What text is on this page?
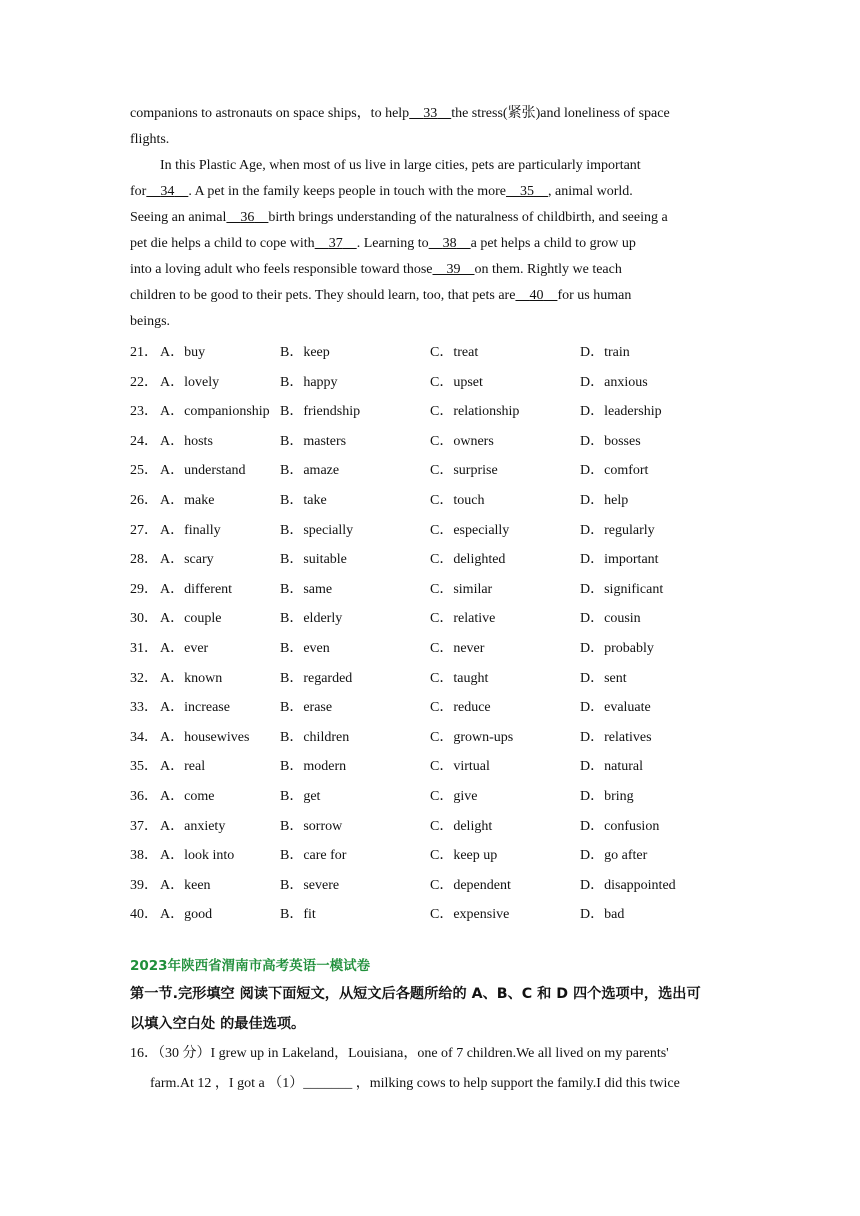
companions to astronauts on space ships，to help 33 the stress(紧张)and loneliness of space
flights.
In this Plastic Age, when most of us live in large cities, pets are particularly important
for 34 . A pet in the family keeps people in touch with the more 35 , animal world.
Seeing an animal 36 birth brings understanding of the naturalness of childbirth, and seeing a
pet die helps a child to cope with 37 . Learning to 38 a pet helps a child to grow up
into a loving adult who feels responsible toward those 39 on them. Rightly we teach
children to be good to their pets. They should learn, too, that pets are 40 for us human
beings.
21． A．buy	B．keep	C．treat	D．train
22． A．lovely	B．happy	C．upset	D．anxious
23． A．companionship B．friendship	C．relationship	D．leadership
24． A．hosts	B．masters	C．owners	D．bosses
25． A．understand B．amaze	C．surprise	D．comfort
26． A．make	B．take	C．touch	D．help
27． A．finally	B．specially	C．especially	D．regularly
28． A．scary	B．suitable	C．delighted	D．important
29． A．different	B．same	C．similar	D．significant
30． A．couple	B．elderly	C．relative	D．cousin
31． A．ever	B．even	C．never	D．probably
32． A．known	B．regarded	C．taught	D．sent
33． A．increase	B．erase	C．reduce	D．evaluate
34． A．housewives B．children	C．grown-ups	D．relatives
35． A．real	B．modern	C．virtual	D．natural
36． A．come	B．get	C．give	D．bring
37． A．anxiety	B．sorrow	C．delight	D．confusion
38． A．look into	B．care for	C．keep up	D．go after
39． A．keen	B．severe	C．dependent	D．disappointed
40． A．good	B．fit	C．expensive	D．bad
2023年陕西省渭南市高考英语一模试卷
第一节.完形填空 阅读下面短文，从短文后各题所给的 A、B、C 和 D 四个选项中，选出可
以填入空白处 的最佳选项。
16．（30 分）I grew up in Lakeland，Louisiana，one of 7 children.We all lived on my parents'
farm.At 12 ，I got a （1）_______ ，milking cows to help support the family.I did this twice
